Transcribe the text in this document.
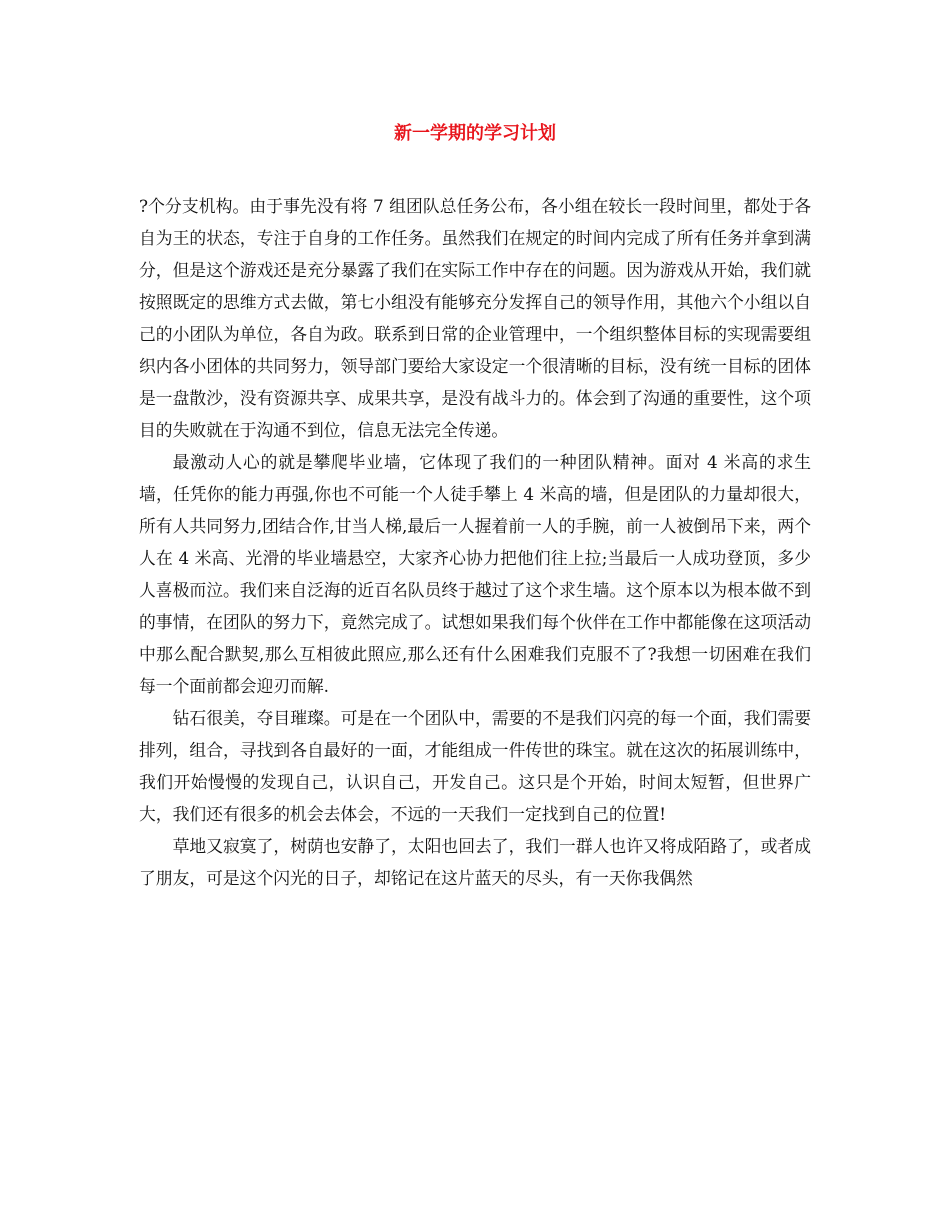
新一学期的学习计划

?个分支机构。由于事先没有将 7 组团队总任务公布，各小组在较长一段时间里，都处于各自为王的状态，专注于自身的工作任务。虽然我们在规定的时间内完成了所有任务并拿到满分，但是这个游戏还是充分暴露了我们在实际工作中存在的问题。因为游戏从开始，我们就按照既定的思维方式去做，第七小组没有能够充分发挥自己的领导作用，其他六个小组以自己的小团队为单位，各自为政。联系到日常的企业管理中，一个组织整体目标的实现需要组织内各小团体的共同努力，领导部门要给大家设定一个很清晰的目标，没有统一目标的团体是一盘散沙，没有资源共享、成果共享，是没有战斗力的。体会到了沟通的重要性，这个项目的失败就在于沟通不到位，信息无法完全传递。

最激动人心的就是攀爬毕业墙，它体现了我们的一种团队精神。面对 4 米高的求生墙，任凭你的能力再强,你也不可能一个人徒手攀上 4 米高的墙，但是团队的力量却很大，所有人共同努力,团结合作,甘当人梯,最后一人握着前一人的手腕，前一人被倒吊下来，两个人在 4 米高、光滑的毕业墙悬空，大家齐心协力把他们往上拉;当最后一人成功登顶，多少人喜极而泣。我们来自泛海的近百名队员终于越过了这个求生墙。这个原本以为根本做不到的事情，在团队的努力下，竟然完成了。试想如果我们每个伙伴在工作中都能像在这项活动中那么配合默契,那么互相彼此照应,那么还有什么困难我们克服不了?我想一切困难在我们每一个面前都会迎刃而解.

钻石很美，夺目璀璨。可是在一个团队中，需要的不是我们闪亮的每一个面，我们需要排列，组合，寻找到各自最好的一面，才能组成一件传世的珠宝。就在这次的拓展训练中，我们开始慢慢的发现自己，认识自己，开发自己。这只是个开始，时间太短暂，但世界广大，我们还有很多的机会去体会，不远的一天我们一定找到自己的位置!

草地又寂寞了，树荫也安静了，太阳也回去了，我们一群人也许又将成陌路了，或者成了朋友，可是这个闪光的日子，却铭记在这片蓝天的尽头，有一天你我偶然
